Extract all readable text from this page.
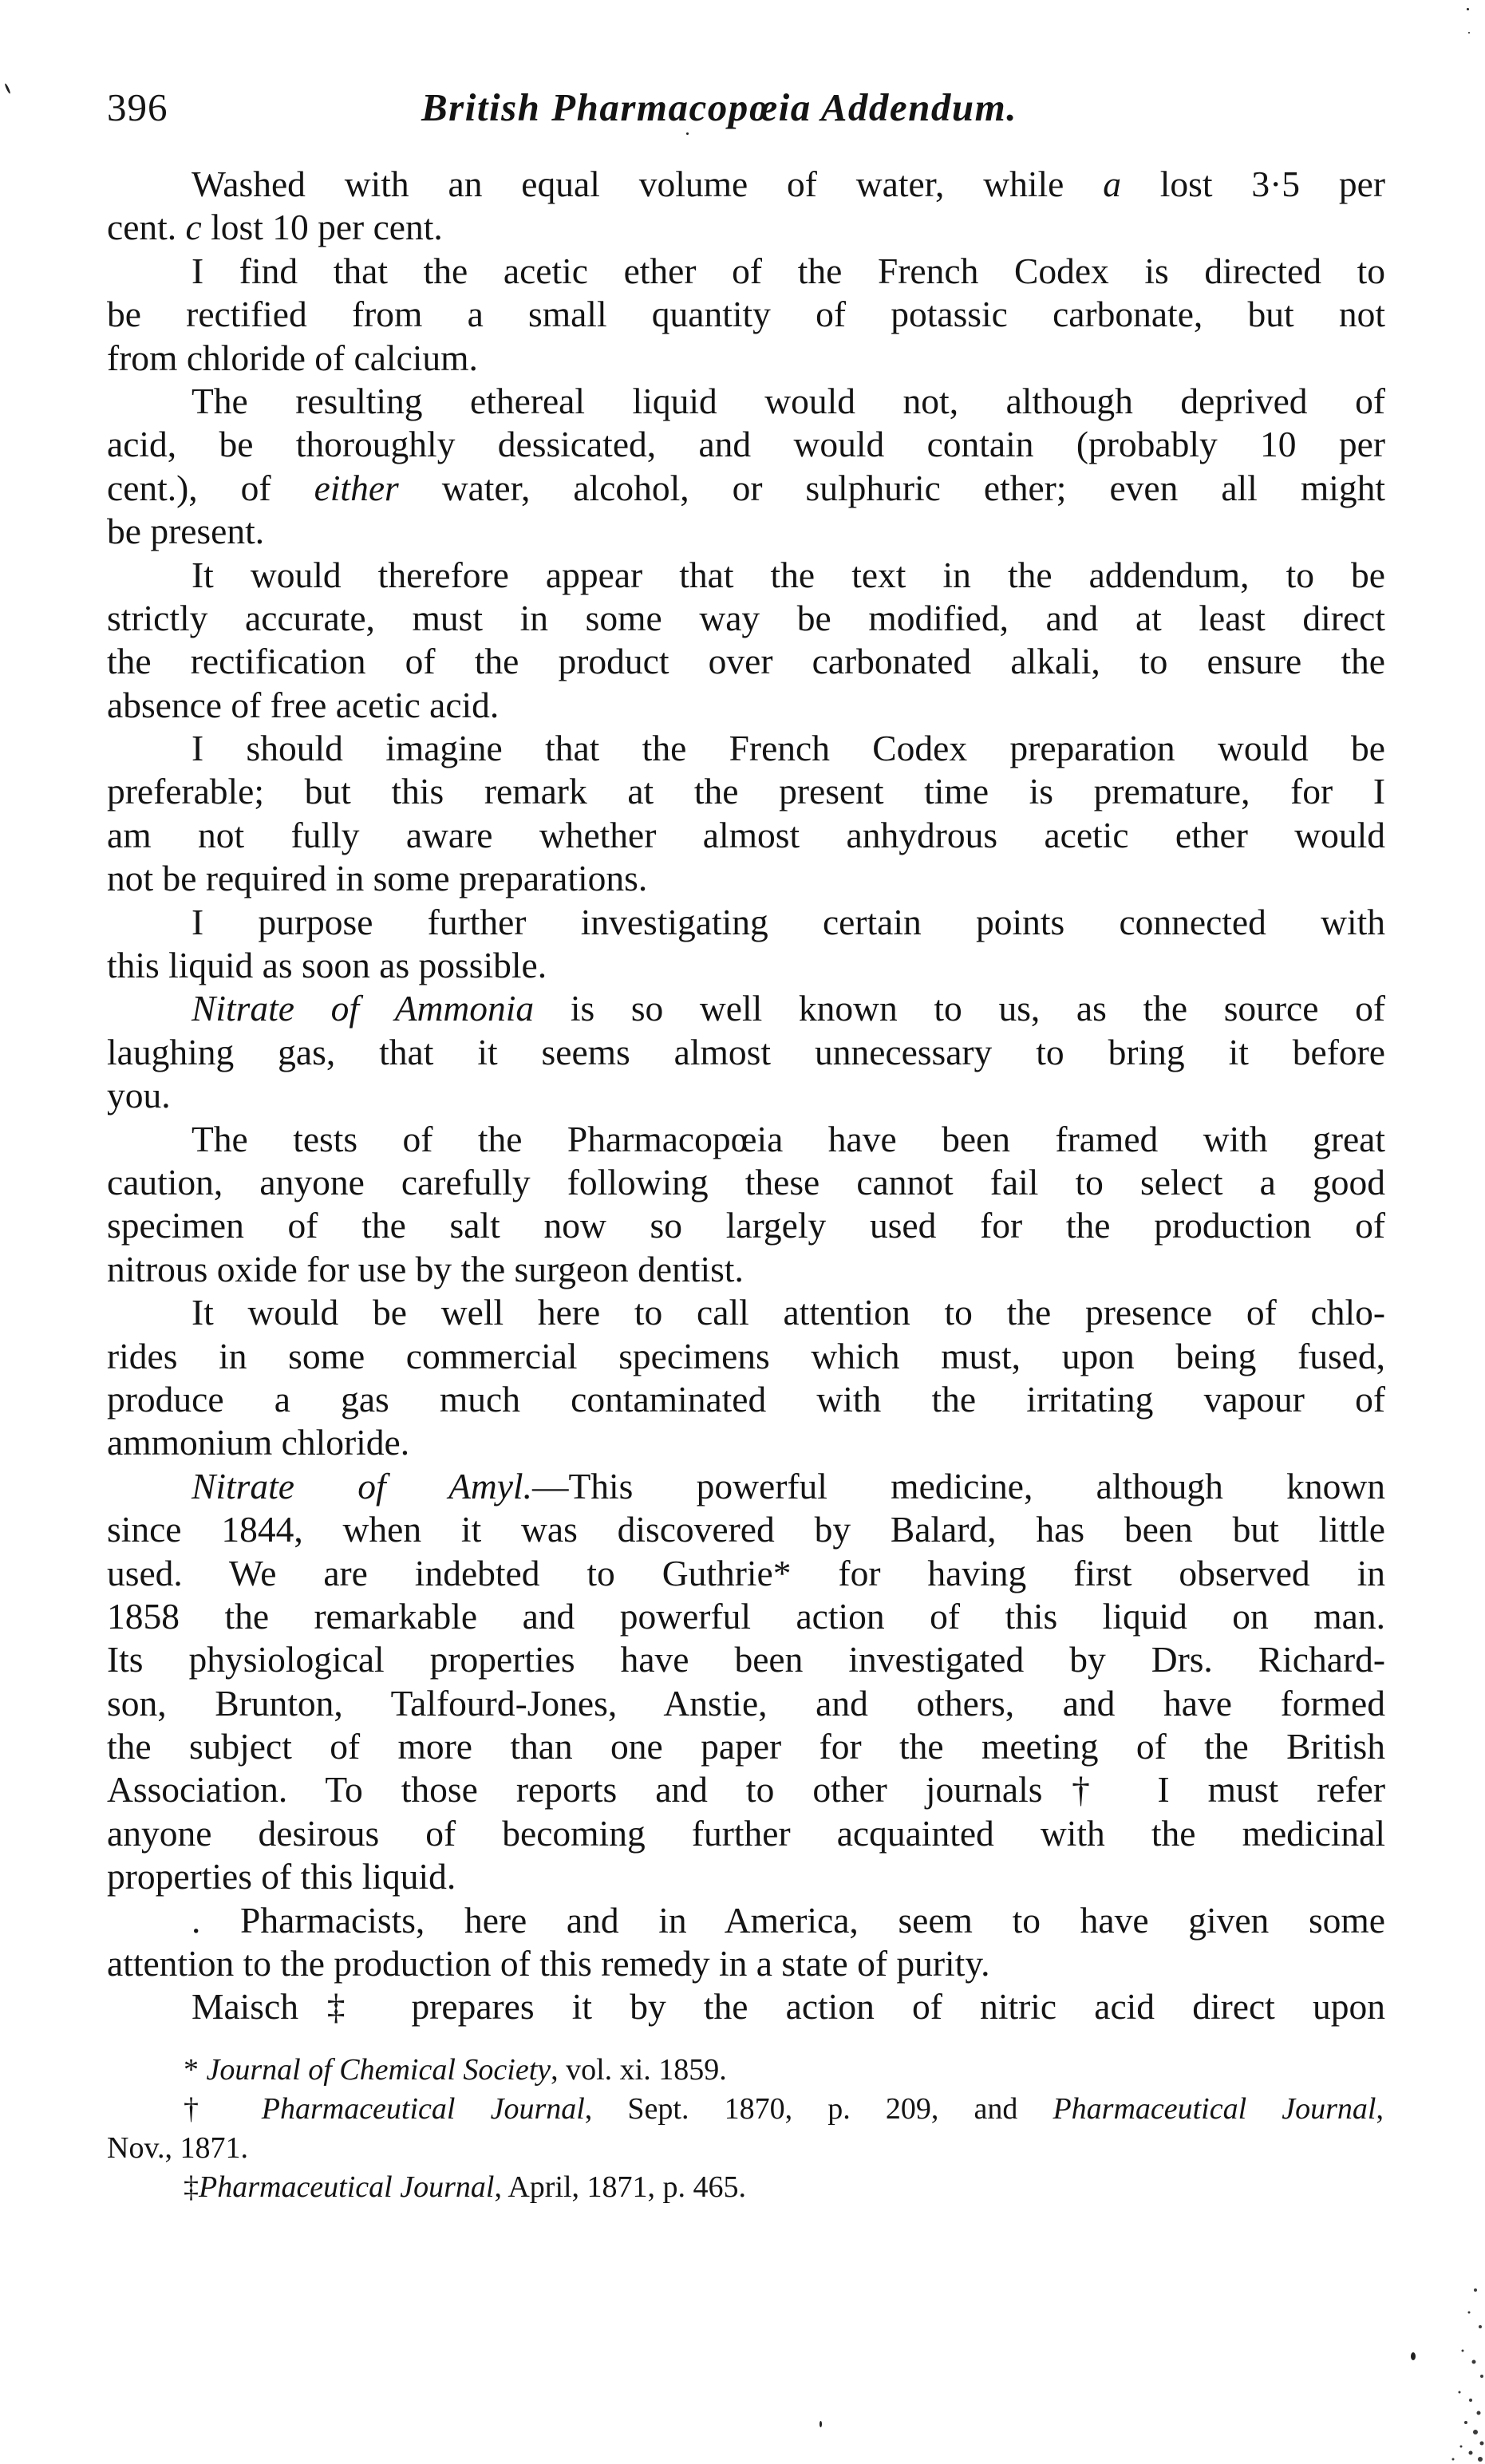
396	British Pharmacopœia Addendum.
Washed with an equal volume of water, while a lost 3·5 per
cent. c lost 10 per cent.
I find that the acetic ether of the French Codex is directed to
be rectified from a small quantity of potassic carbonate, but not
from chloride of calcium.
The resulting ethereal liquid would not, although deprived of
acid, be thoroughly dessicated, and would contain (probably 10 per
cent.), of either water, alcohol, or sulphuric ether; even all might
be present.
It would therefore appear that the text in the addendum, to be
strictly accurate, must in some way be modified, and at least direct
the rectification of the product over carbonated alkali, to ensure the
absence of free acetic acid.
I should imagine that the French Codex preparation would be
preferable; but this remark at the present time is premature, for I
am not fully aware whether almost anhydrous acetic ether would
not be required in some preparations.
I purpose further investigating certain points connected with
this liquid as soon as possible.
Nitrate of Ammonia is so well known to us, as the source of
laughing gas, that it seems almost unnecessary to bring it before
you.
The tests of the Pharmacopœia have been framed with great
caution, anyone carefully following these cannot fail to select a good
specimen of the salt now so largely used for the production of
nitrous oxide for use by the surgeon dentist.
It would be well here to call attention to the presence of chlo-
rides in some commercial specimens which must, upon being fused,
produce a gas much contaminated with the irritating vapour of
ammonium chloride.
Nitrate of Amyl.—This powerful medicine, although known
since 1844, when it was discovered by Balard, has been but little
used. We are indebted to Guthrie* for having first observed in
1858 the remarkable and powerful action of this liquid on man.
Its physiological properties have been investigated by Drs. Richard-
son, Brunton, Talfourd-Jones, Anstie, and others, and have formed
the subject of more than one paper for the meeting of the British
Association. To those reports and to other journals† I must refer
anyone desirous of becoming further acquainted with the medicinal
properties of this liquid.
. Pharmacists, here and in America, seem to have given some
attention to the production of this remedy in a state of purity.
Maisch‡ prepares it by the action of nitric acid direct upon
* Journal of Chemical Society, vol. xi. 1859.
† Pharmaceutical Journal, Sept. 1870, p. 209, and Pharmaceutical Journal,
Nov., 1871.
‡Pharmaceutical Journal, April, 1871, p. 465.
